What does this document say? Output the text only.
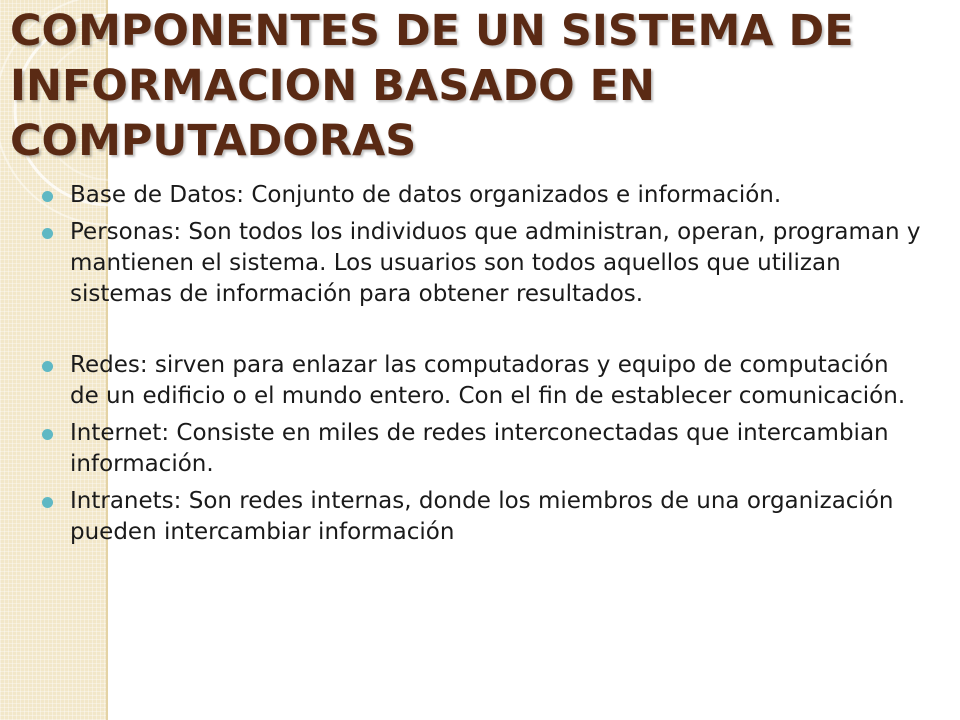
COMPONENTES DE UN SISTEMA DE INFORMACION BASADO EN COMPUTADORAS
Base de Datos: Conjunto de datos organizados e información.
Personas: Son todos los individuos que administran, operan, programan y mantienen el sistema. Los usuarios son todos aquellos que utilizan sistemas de información para obtener resultados.
Redes: sirven para enlazar las computadoras y equipo de computación de un edificio o el mundo entero. Con el fin de establecer comunicación.
Internet: Consiste en miles de redes interconectadas que intercambian información.
Intranets: Son redes internas, donde los miembros de una organización pueden intercambiar información
